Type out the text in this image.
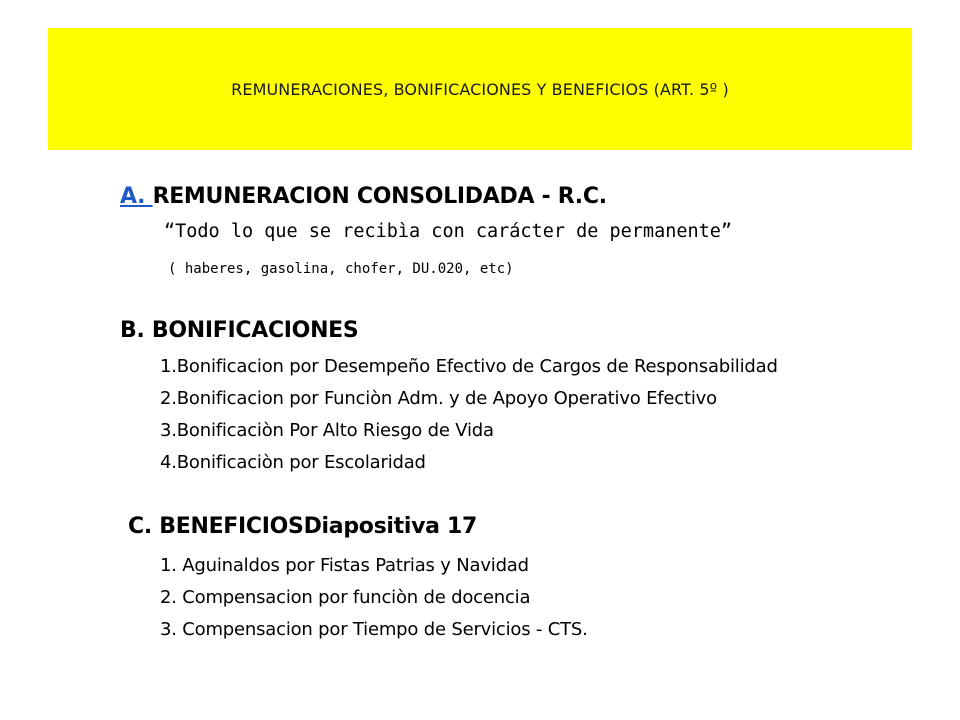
REMUNERACIONES, BONIFICACIONES Y BENEFICIOS (ART. 5º )
A. REMUNERACION CONSOLIDADA - R.C.
“Todo lo que se recibìa con carácter de permanente”
( haberes, gasolina, chofer, DU.020, etc)
B. BONIFICACIONES
1.Bonificacion por Desempeño Efectivo de Cargos de Responsabilidad
2.Bonificacion por Funciòn Adm. y de Apoyo Operativo Efectivo
3.Bonificaciòn Por Alto Riesgo de Vida
4.Bonificaciòn por Escolaridad
C. BENEFICIOSDiapositiva 17
1. Aguinaldos por Fistas Patrias y Navidad
2. Compensacion por funciòn de docencia
3. Compensacion por Tiempo de Servicios - CTS.
